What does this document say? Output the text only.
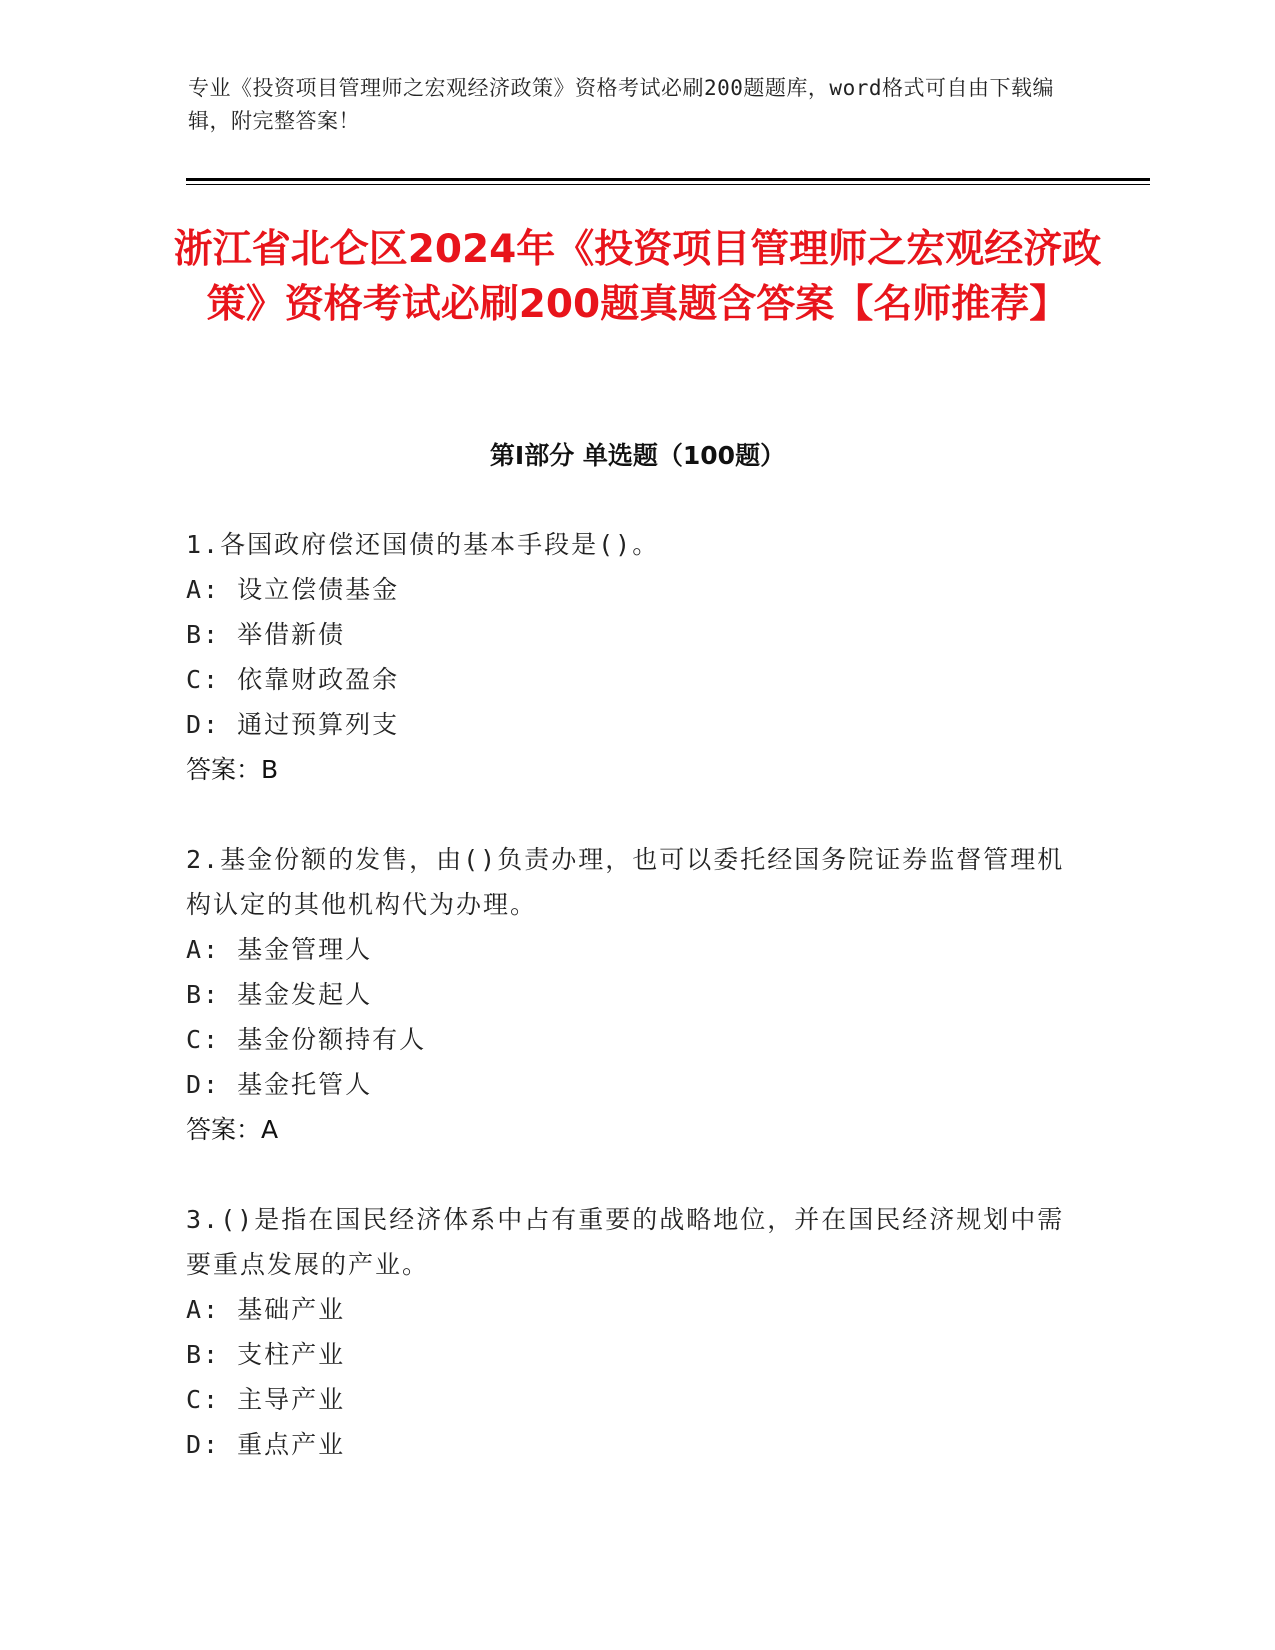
专业《投资项目管理师之宏观经济政策》资格考试必刷200题题库，word格式可自由下载编辑，附完整答案！
浙江省北仑区2024年《投资项目管理师之宏观经济政策》资格考试必刷200题真题含答案【名师推荐】
第I部分 单选题（100题）
1.各国政府偿还国债的基本手段是()。
A: 设立偿债基金
B: 举借新债
C: 依靠财政盈余
D: 通过预算列支
答案：B
2.基金份额的发售，由()负责办理，也可以委托经国务院证券监督管理机构认定的其他机构代为办理。
A: 基金管理人
B: 基金发起人
C: 基金份额持有人
D: 基金托管人
答案：A
3.()是指在国民经济体系中占有重要的战略地位，并在国民经济规划中需要重点发展的产业。
A: 基础产业
B: 支柱产业
C: 主导产业
D: 重点产业
